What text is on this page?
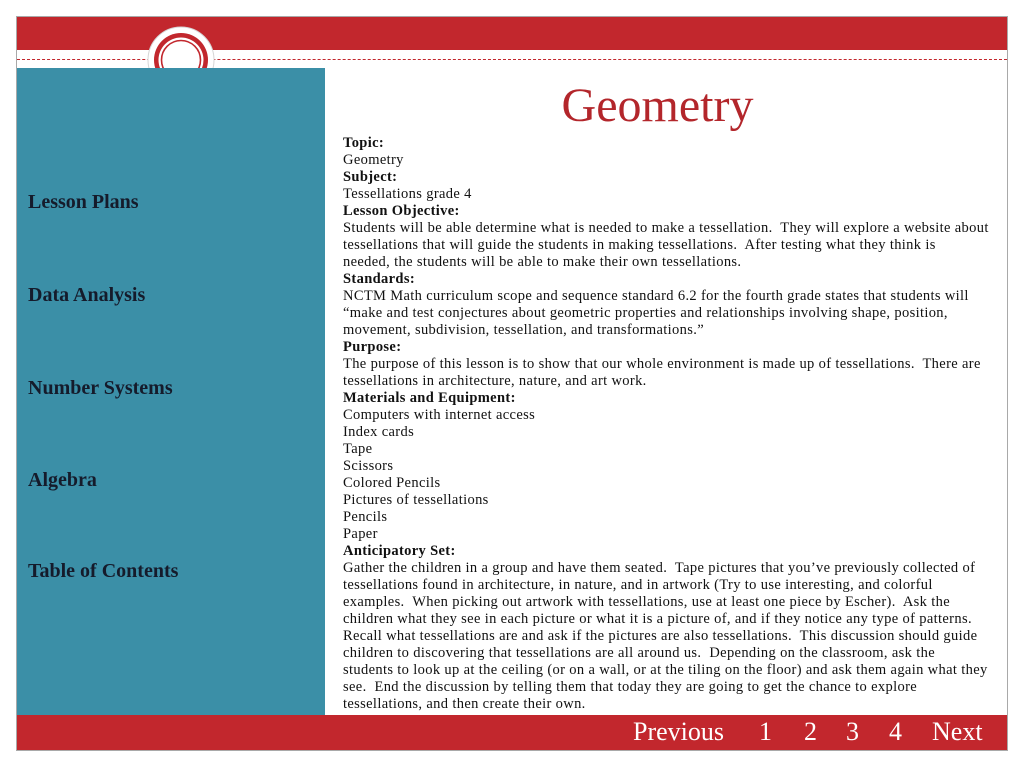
Lesson Plans
Data Analysis
Number Systems
Algebra
Table of Contents
Geometry
Topic:
Geometry
Subject:
Tessellations grade 4
Lesson Objective:
Students will be able determine what is needed to make a tessellation.  They will explore a website about
tessellations that will guide the students in making tessellations.  After testing what they think is
needed, the students will be able to make their own tessellations.
Standards:
NCTM Math curriculum scope and sequence standard 6.2 for the fourth grade states that students will
“make and test conjectures about geometric properties and relationships involving shape, position,
movement, subdivision, tessellation, and transformations.”
Purpose:
The purpose of this lesson is to show that our whole environment is made up of tessellations.  There are
tessellations in architecture, nature, and art work.
Materials and Equipment:
Computers with internet access
Index cards
Tape
Scissors
Colored Pencils
Pictures of tessellations
Pencils
Paper
Anticipatory Set:
Gather the children in a group and have them seated.  Tape pictures that you’ve previously collected of
tessellations found in architecture, in nature, and in artwork (Try to use interesting, and colorful
examples.  When picking out artwork with tessellations, use at least one piece by Escher).  Ask the
children what they see in each picture or what it is a picture of, and if they notice any type of patterns.
Recall what tessellations are and ask if the pictures are also tessellations.  This discussion should guide
children to discovering that tessellations are all around us.  Depending on the classroom, ask the
students to look up at the ceiling (or on a wall, or at the tiling on the floor) and ask them again what they
see.  End the discussion by telling them that today they are going to get the chance to explore
tessellations, and then create their own.
Previous 1 2 3 4 Next
